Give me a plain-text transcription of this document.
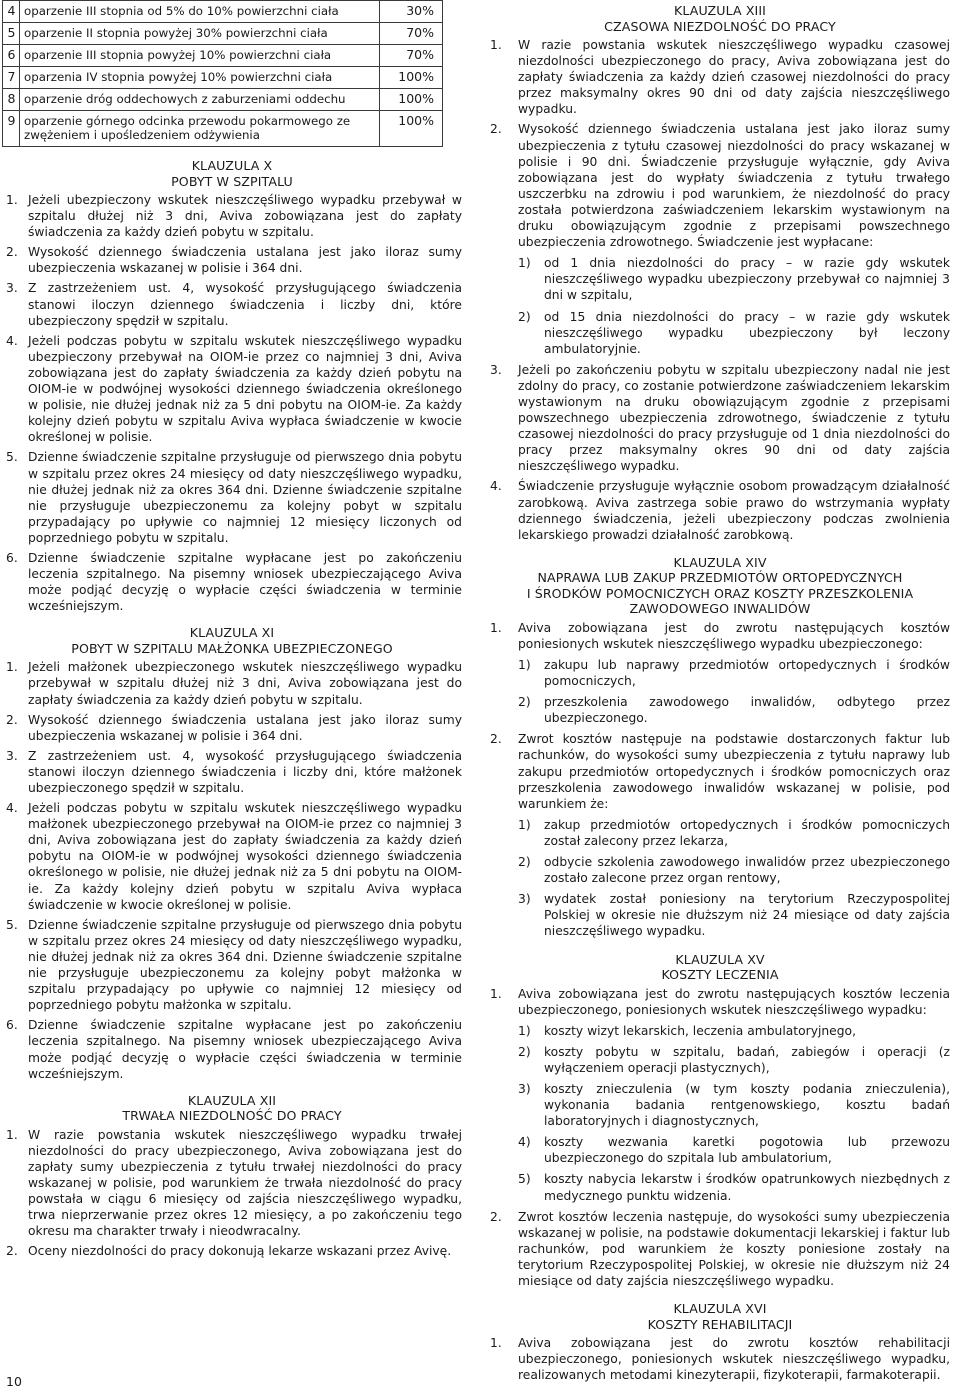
4	oparzenie III stopnia od 5% do 10% powierzchni ciała	30%
5	oparzenie II stopnia powyżej 30% powierzchni ciała	70%
6	oparzenie III stopnia powyżej 10% powierzchni ciała	70%
7	oparzenia IV stopnia powyżej 10% powierzchni ciała	100%
8	oparzenie dróg oddechowych z zaburzeniami oddechu	100%
9	oparzenie górnego odcinka przewodu pokarmowego ze zwężeniem i upośledzeniem odżywienia	100%
KLAUZULA X
POBYT W SZPITALU
1. Jeżeli ubezpieczony wskutek nieszczęśliwego wypadku przebywał w szpitalu dłużej niż 3 dni, Aviva zobowiązana jest do zapłaty świadczenia za każdy dzień pobytu w szpitalu.
2. Wysokość dziennego świadczenia ustalana jest jako iloraz sumy ubezpieczenia wskazanej w polisie i 364 dni.
3. Z zastrzeżeniem ust. 4, wysokość przysługującego świadczenia stanowi iloczyn dziennego świadczenia i liczby dni, które ubezpieczony spędził w szpitalu.
4. Jeżeli podczas pobytu w szpitalu wskutek nieszczęśliwego wypadku ubezpieczony przebywał na OIOM-ie przez co najmniej 3 dni, Aviva zobowiązana jest do zapłaty świadczenia za każdy dzień pobytu na OIOM-ie w podwójnej wysokości dziennego świadczenia określonego w polisie, nie dłużej jednak niż za 5 dni pobytu na OIOM-ie. Za każdy kolejny dzień pobytu w szpitalu Aviva wypłaca świadczenie w kwocie określonej w polisie.
5. Dzienne świadczenie szpitalne przysługuje od pierwszego dnia pobytu w szpitalu przez okres 24 miesięcy od daty nieszczęśliwego wypadku, nie dłużej jednak niż za okres 364 dni. Dzienne świadczenie szpitalne nie przysługuje ubezpieczonemu za kolejny pobyt w szpitalu przypadający po upływie co najmniej 12 miesięcy liczonych od poprzedniego pobytu w szpitalu.
6. Dzienne świadczenie szpitalne wypłacane jest po zakończeniu leczenia szpitalnego. Na pisemny wniosek ubezpieczającego Aviva może podjąć decyzję o wypłacie części świadczenia w terminie wcześniejszym.
KLAUZULA XI
POBYT W SZPITALU MAŁŻONKA UBEZPIECZONEGO
1. Jeżeli małżonek ubezpieczonego wskutek nieszczęśliwego wypadku przebywał w szpitalu dłużej niż 3 dni, Aviva zobowiązana jest do zapłaty świadczenia za każdy dzień pobytu w szpitalu.
2. Wysokość dziennego świadczenia ustalana jest jako iloraz sumy ubezpieczenia wskazanej w polisie i 364 dni.
3. Z zastrzeżeniem ust. 4, wysokość przysługującego świadczenia stanowi iloczyn dziennego świadczenia i liczby dni, które małżonek ubezpieczonego spędził w szpitalu.
4. Jeżeli podczas pobytu w szpitalu wskutek nieszczęśliwego wypadku małżonek ubezpieczonego przebywał na OIOM-ie przez co najmniej 3 dni, Aviva zobowiązana jest do zapłaty świadczenia za każdy dzień pobytu na OIOM-ie w podwójnej wysokości dziennego świadczenia określonego w polisie, nie dłużej jednak niż za 5 dni pobytu na OIOM-ie. Za każdy kolejny dzień pobytu w szpitalu Aviva wypłaca świadczenie w kwocie określonej w polisie.
5. Dzienne świadczenie szpitalne przysługuje od pierwszego dnia pobytu w szpitalu przez okres 24 miesięcy od daty nieszczęśliwego wypadku, nie dłużej jednak niż za okres 364 dni. Dzienne świadczenie szpitalne nie przysługuje ubezpieczonemu za kolejny pobyt małżonka w szpitalu przypadający po upływie co najmniej 12 miesięcy od poprzedniego pobytu małżonka w szpitalu.
6. Dzienne świadczenie szpitalne wypłacane jest po zakończeniu leczenia szpitalnego. Na pisemny wniosek ubezpieczającego Aviva może podjąć decyzję o wypłacie części świadczenia w terminie wcześniejszym.
KLAUZULA XII
TRWAŁA NIEZDOLNOŚĆ DO PRACY
1. W razie powstania wskutek nieszczęśliwego wypadku trwałej niezdolności do pracy ubezpieczonego, Aviva zobowiązana jest do zapłaty sumy ubezpieczenia z tytułu trwałej niezdolności do pracy wskazanej w polisie, pod warunkiem że trwała niezdolność do pracy powstała w ciągu 6 miesięcy od zajścia nieszczęśliwego wypadku, trwa nieprzerwanie przez okres 12 miesięcy, a po zakończeniu tego okresu ma charakter trwały i nieodwracalny.
2. Oceny niezdolności do pracy dokonują lekarze wskazani przez Avivę.
KLAUZULA XIII
CZASOWA NIEZDOLNOŚĆ DO PRACY
1. W razie powstania wskutek nieszczęśliwego wypadku czasowej niezdolności ubezpieczonego do pracy, Aviva zobowiązana jest do zapłaty świadczenia za każdy dzień czasowej niezdolności do pracy przez maksymalny okres 90 dni od daty zajścia nieszczęśliwego wypadku.
2. Wysokość dziennego świadczenia ustalana jest jako iloraz sumy ubezpieczenia z tytułu czasowej niezdolności do pracy wskazanej w polisie i 90 dni. Świadczenie przysługuje wyłącznie, gdy Aviva zobowiązana jest do wypłaty świadczenia z tytułu trwałego uszczerbku na zdrowiu i pod warunkiem, że niezdolność do pracy została potwierdzona zaświadczeniem lekarskim wystawionym na druku obowiązującym zgodnie z przepisami powszechnego ubezpieczenia zdrowotnego. Świadczenie jest wypłacane:
1) od 1 dnia niezdolności do pracy – w razie gdy wskutek nieszczęśliwego wypadku ubezpieczony przebywał co najmniej 3 dni w szpitalu,
2) od 15 dnia niezdolności do pracy – w razie gdy wskutek nieszczęśliwego wypadku ubezpieczony był leczony ambulatoryjnie.
3. Jeżeli po zakończeniu pobytu w szpitalu ubezpieczony nadal nie jest zdolny do pracy, co zostanie potwierdzone zaświadczeniem lekarskim wystawionym na druku obowiązującym zgodnie z przepisami powszechnego ubezpieczenia zdrowotnego, świadczenie z tytułu czasowej niezdolności do pracy przysługuje od 1 dnia niezdolności do pracy przez maksymalny okres 90 dni od daty zajścia nieszczęśliwego wypadku.
4. Świadczenie przysługuje wyłącznie osobom prowadzącym działalność zarobkową. Aviva zastrzega sobie prawo do wstrzymania wypłaty dziennego świadczenia, jeżeli ubezpieczony podczas zwolnienia lekarskiego prowadzi działalność zarobkową.
KLAUZULA XIV
NAPRAWA LUB ZAKUP PRZEDMIOTÓW ORTOPEDYCZNYCH
I ŚRODKÓW POMOCNICZYCH ORAZ KOSZTY PRZESZKOLENIA
ZAWODOWEGO INWALIDÓW
1. Aviva zobowiązana jest do zwrotu następujących kosztów poniesionych wskutek nieszczęśliwego wypadku ubezpieczonego:
1) zakupu lub naprawy przedmiotów ortopedycznych i środków pomocniczych,
2) przeszkolenia zawodowego inwalidów, odbytego przez ubezpieczonego.
2. Zwrot kosztów następuje na podstawie dostarczonych faktur lub rachunków, do wysokości sumy ubezpieczenia z tytułu naprawy lub zakupu przedmiotów ortopedycznych i środków pomocniczych oraz przeszkolenia zawodowego inwalidów wskazanej w polisie, pod warunkiem że:
1) zakup przedmiotów ortopedycznych i środków pomocniczych został zalecony przez lekarza,
2) odbycie szkolenia zawodowego inwalidów przez ubezpieczonego zostało zalecone przez organ rentowy,
3) wydatek został poniesiony na terytorium Rzeczypospolitej Polskiej w okresie nie dłuższym niż 24 miesiące od daty zajścia nieszczęśliwego wypadku.
KLAUZULA XV
KOSZTY LECZENIA
1. Aviva zobowiązana jest do zwrotu następujących kosztów leczenia ubezpieczonego, poniesionych wskutek nieszczęśliwego wypadku:
1) koszty wizyt lekarskich, leczenia ambulatoryjnego,
2) koszty pobytu w szpitalu, badań, zabiegów i operacji (z wyłączeniem operacji plastycznych),
3) koszty znieczulenia (w tym koszty podania znieczulenia), wykonania badania rentgenowskiego, kosztu badań laboratoryjnych i diagnostycznych,
4) koszty wezwania karetki pogotowia lub przewozu ubezpieczonego do szpitala lub ambulatorium,
5) koszty nabycia lekarstw i środków opatrunkowych niezbędnych z medycznego punktu widzenia.
2. Zwrot kosztów leczenia następuje, do wysokości sumy ubezpieczenia wskazanej w polisie, na podstawie dokumentacji lekarskiej i faktur lub rachunków, pod warunkiem że koszty poniesione zostały na terytorium Rzeczypospolitej Polskiej, w okresie nie dłuższym niż 24 miesiące od daty zajścia nieszczęśliwego wypadku.
KLAUZULA XVI
KOSZTY REHABILITACJI
1. Aviva zobowiązana jest do zwrotu kosztów rehabilitacji ubezpieczonego, poniesionych wskutek nieszczęśliwego wypadku, realizowanych metodami kinezyterapii, fizykoterapii, farmakoterapii.
10
